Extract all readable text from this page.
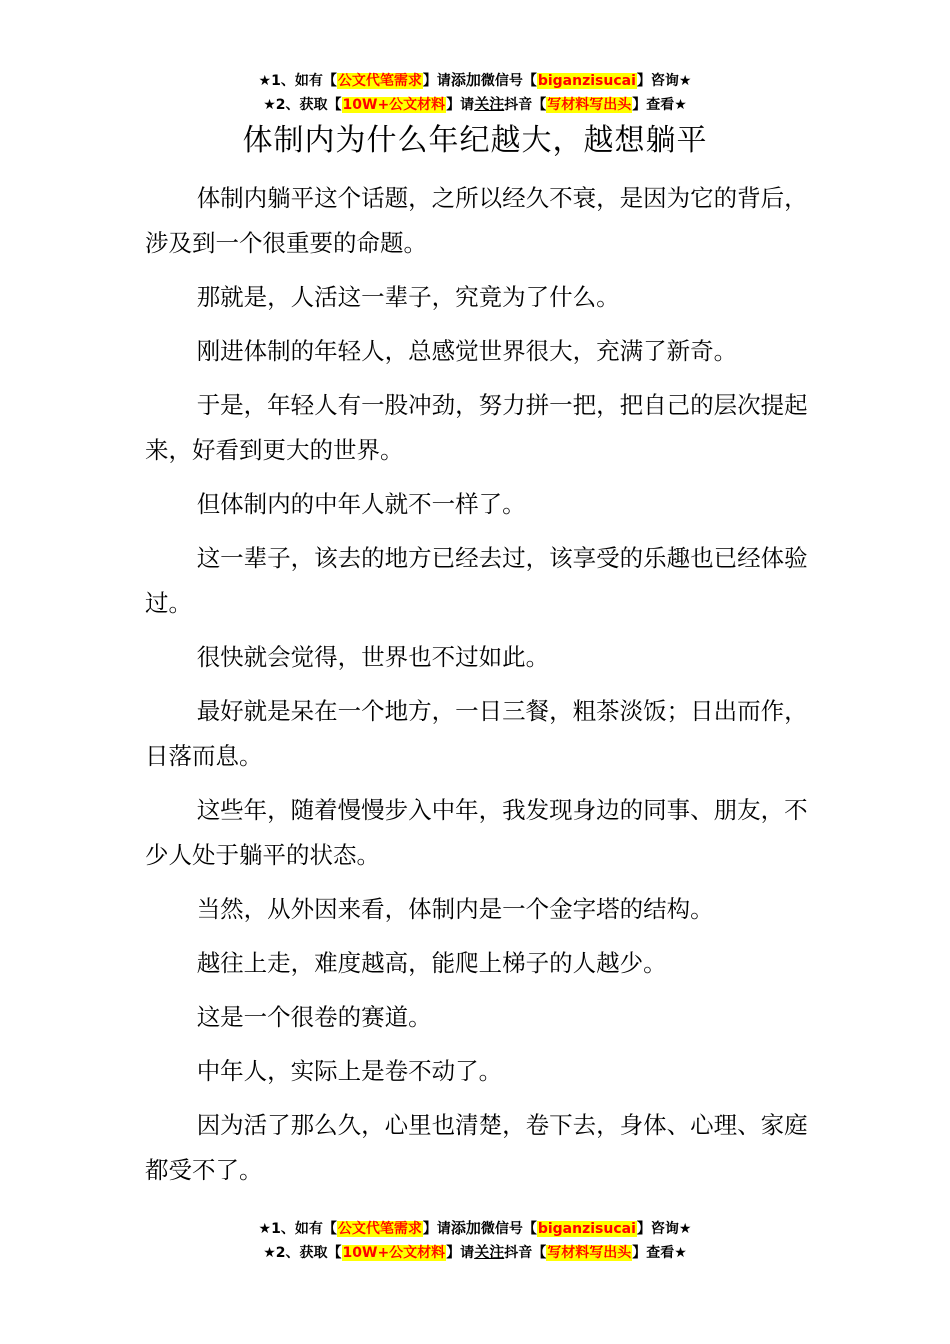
★1、如有【公文代笔需求】请添加微信号【biganzisucai】咨询★
★2、获取【10W+公文材料】请关注抖音【写材料写出头】查看★
体制内为什么年纪越大，越想躺平

体制内躺平这个话题，之所以经久不衰，是因为它的背后，涉及到一个很重要的命题。

那就是，人活这一辈子，究竟为了什么。

刚进体制的年轻人，总感觉世界很大，充满了新奇。

于是，年轻人有一股冲劲，努力拼一把，把自己的层次提起来，好看到更大的世界。

但体制内的中年人就不一样了。

这一辈子，该去的地方已经去过，该享受的乐趣也已经体验过。

很快就会觉得，世界也不过如此。

最好就是呆在一个地方，一日三餐，粗茶淡饭；日出而作，日落而息。

这些年，随着慢慢步入中年，我发现身边的同事、朋友，不少人处于躺平的状态。

当然，从外因来看，体制内是一个金字塔的结构。

越往上走，难度越高，能爬上梯子的人越少。

这是一个很卷的赛道。

中年人，实际上是卷不动了。

因为活了那么久，心里也清楚，卷下去，身体、心理、家庭都受不了。

★1、如有【公文代笔需求】请添加微信号【biganzisucai】咨询★
★2、获取【10W+公文材料】请关注抖音【写材料写出头】查看★
